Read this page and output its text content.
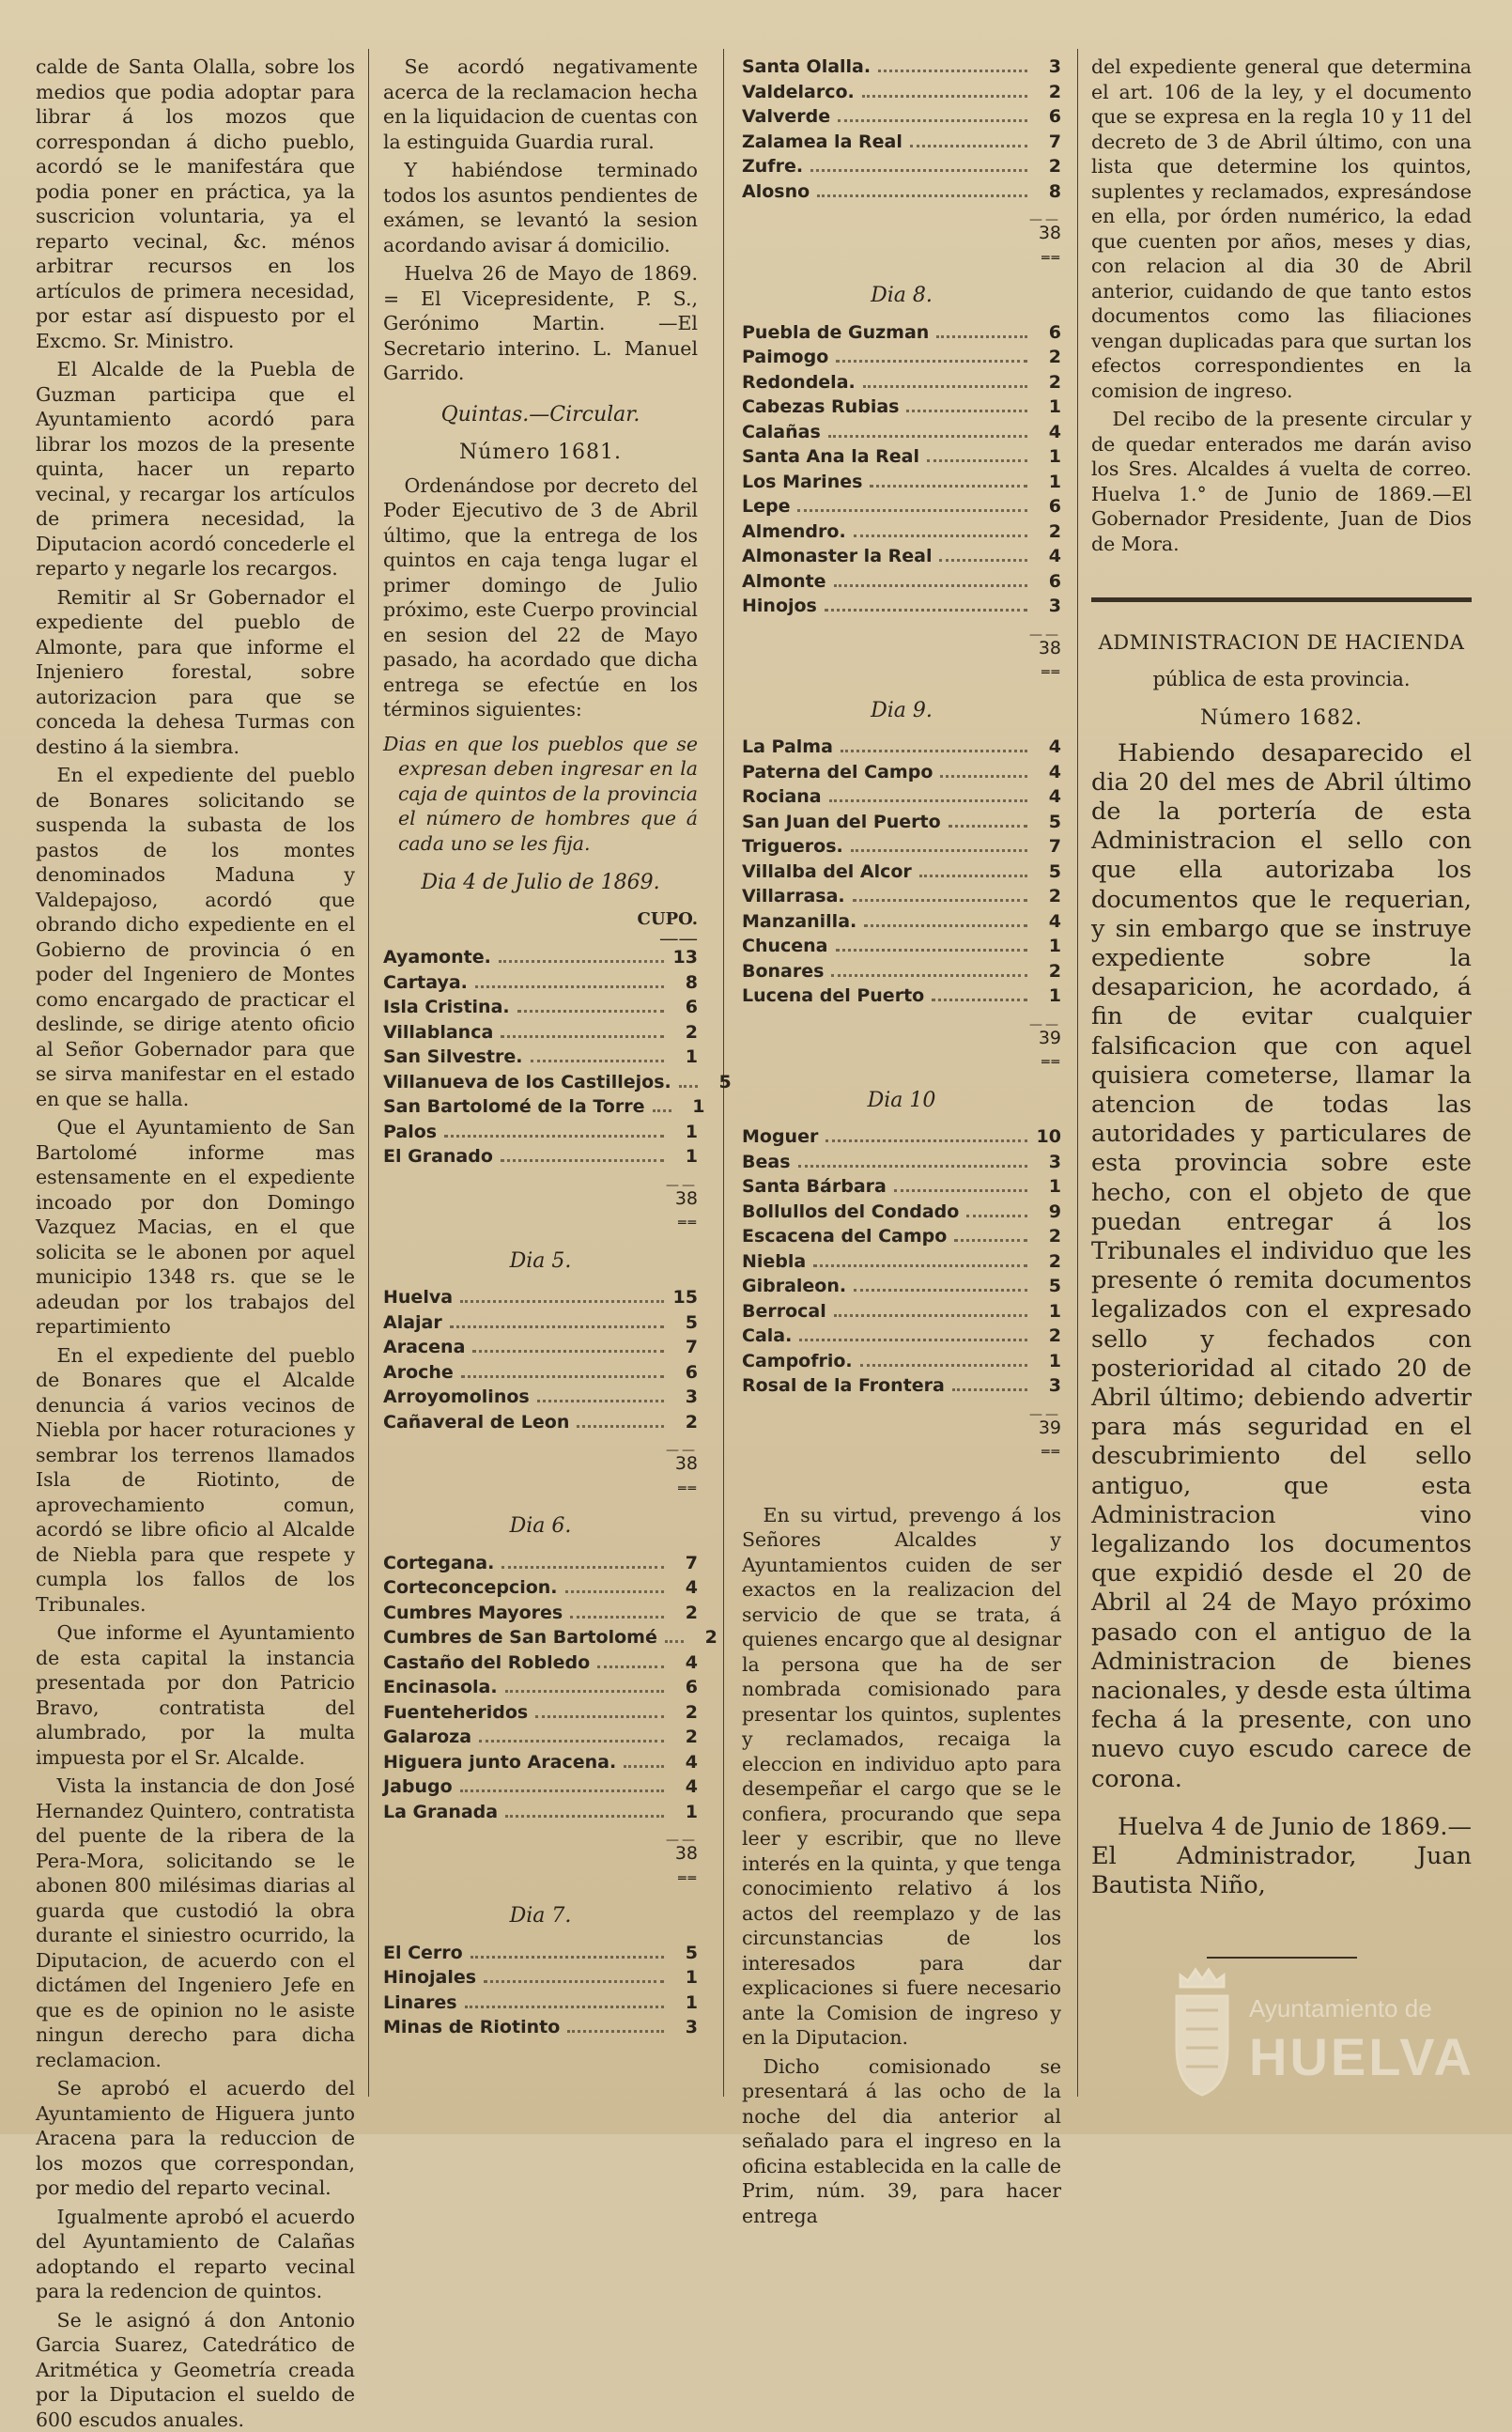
calde de Santa Olalla, sobre los medios que podia adoptar para librar á los mozos que correspondan á dicho pueblo, acordó se le manifestára que podia poner en práctica, ya la suscricion voluntaria, ya el reparto vecinal, &c. ménos arbitrar recursos en los artículos de primera necesidad, por estar así dispuesto por el Excmo. Sr. Ministro.

El Alcalde de la Puebla de Guzman participa que el Ayuntamiento acordó para librar los mozos de la presente quinta, hacer un reparto vecinal, y recargar los artículos de primera necesidad, la Diputacion acordó concederle el reparto y negarle los recargos.

Remitir al Sr Gobernador el expediente del pueblo de Almonte, para que informe el Injeniero forestal, sobre autorizacion para que se conceda la dehesa Turmas con destino á la siembra.

En el expediente del pueblo de Bonares solicitando se suspenda la subasta de los pastos de los montes denominados Maduna y Valdepajoso, acordó que obrando dicho expediente en el Gobierno de provincia ó en poder del Ingeniero de Montes como encargado de practicar el deslinde, se dirige atento oficio al Señor Gobernador para que se sirva manifestar en el estado en que se halla.

Que el Ayuntamiento de San Bartolomé informe mas estensamente en el expediente incoado por don Domingo Vazquez Macias, en el que solicita se le abonen por aquel municipio 1348 rs. que se le adeudan por los trabajos del repartimiento

En el expediente del pueblo de Bonares que el Alcalde denuncia á varios vecinos de Niebla por hacer roturaciones y sembrar los terrenos llamados Isla de Riotinto, de aprovechamiento comun, acordó se libre oficio al Alcalde de Niebla para que respete y cumpla los fallos de los Tribunales.

Que informe el Ayuntamiento de esta capital la instancia presentada por don Patricio Bravo, contratista del alumbrado, por la multa impuesta por el Sr. Alcalde.

Vista la instancia de don José Hernandez Quintero, contratista del puente de la ribera de la Pera-Mora, solicitando se le abonen 800 milésimas diarias al guarda que custodió la obra durante el siniestro ocurrido, la Diputacion, de acuerdo con el dictámen del Ingeniero Jefe en que es de opinion no le asiste ningun derecho para dicha reclamacion.

Se aprobó el acuerdo del Ayuntamiento de Higuera junto Aracena para la reduccion de los mozos que correspondan, por medio del reparto vecinal.

Igualmente aprobó el acuerdo del Ayuntamiento de Calañas adoptando el reparto vecinal para la redencion de quintos.

Se le asignó á don Antonio Garcia Suarez, Catedrático de Aritmética y Geometría creada por la Diputacion el sueldo de 600 escudos anuales.

Se acordó negativamente acerca de la reclamacion hecha en la liquidacion de cuentas con la estinguida Guardia rural.

Y habiéndose terminado todos los asuntos pendientes de exámen, se levantó la sesion acordando avisar á domicilio.

Huelva 26 de Mayo de 1869. = El Vicepresidente, P. S., Gerónimo Martin. —El Secretario interino. L. Manuel Garrido.

Quintas.—Circular.
Número 1681.

Ordenándose por decreto del Poder Ejecutivo de 3 de Abril último, que la entrega de los quintos en caja tenga lugar el primer domingo de Julio próximo, este Cuerpo provincial en sesion del 22 de Mayo pasado, ha acordado que dicha entrega se efectúe en los términos siguientes:

Dias en que los pueblos que se expresan deben ingresar en la caja de quintos de la provincia el número de hombres que á cada uno se les fija.
Dia 4 de Julio de 1869.
CUPO.
——
Ayamonte.	13
Cartaya.	8
Isla Cristina.	6
Villablanca	2
San Silvestre.	1
Villanueva de los Castillejos.	5
San Bartolomé de la Torre	1
Palos	1
El Granado	1
——
38
══
Dia 5.
Huelva	15
Alajar	5
Aracena	7
Aroche	6
Arroyomolinos	3
Cañaveral de Leon	2
——
38
══
Dia 6.
Cortegana.	7
Corteconcepcion.	4
Cumbres Mayores	2
Cumbres de San Bartolomé	2
Castaño del Robledo	4
Encinasola.	6
Fuenteheridos	2
Galaroza	2
Higuera junto Aracena.	4
Jabugo	4
La Granada	1
——
38
══
Dia 7.
El Cerro	5
Hinojales	1
Linares	1
Minas de Riotinto	3
Santa Olalla.	3
Valdelarco.	2
Valverde	6
Zalamea la Real	7
Zufre.	2
Alosno	8
——
38
══
Dia 8.
Puebla de Guzman	6
Paimogo	2
Redondela.	2
Cabezas Rubias	1
Calañas	4
Santa Ana la Real	1
Los Marines	1
Lepe	6
Almendro.	2
Almonaster la Real	4
Almonte	6
Hinojos	3
——
38
══
Dia 9.
La Palma	4
Paterna del Campo	4
Rociana	4
San Juan del Puerto	5
Trigueros.	7
Villalba del Alcor	5
Villarrasa.	2
Manzanilla.	4
Chucena	1
Bonares	2
Lucena del Puerto	1
——
39
══
Dia 10
Moguer	10
Beas	3
Santa Bárbara	1
Bollullos del Condado	9
Escacena del Campo	2
Niebla	2
Gibraleon.	5
Berrocal	1
Cala.	2
Campofrio.	1
Rosal de la Frontera	3
——
39
══

En su virtud, prevengo á los Señores Alcaldes y Ayuntamientos cuiden de ser exactos en la realizacion del servicio de que se trata, á quienes encargo que al designar la persona que ha de ser nombrada comisionado para presentar los quintos, suplentes y reclamados, recaiga la eleccion en individuo apto para desempeñar el cargo que se le confiera, procurando que sepa leer y escribir, que no lleve interés en la quinta, y que tenga conocimiento relativo á los actos del reemplazo y de las circunstancias de los interesados para dar explicaciones si fuere necesario ante la Comision de ingreso y en la Diputacion.

Dicho comisionado se presentará á las ocho de la noche del dia anterior al señalado para el ingreso en la oficina establecida en la calle de Prim, núm. 39, para hacer entrega

del expediente general que determina el art. 106 de la ley, y el documento que se expresa en la regla 10 y 11 del decreto de 3 de Abril último, con una lista que determine los quintos, suplentes y reclamados, expresándose en ella, por órden numérico, la edad que cuenten por años, meses y dias, con relacion al dia 30 de Abril anterior, cuidando de que tanto estos documentos como las filiaciones vengan duplicadas para que surtan los efectos correspondientes en la comision de ingreso.

Del recibo de la presente circular y de quedar enterados me darán aviso los Sres. Alcaldes á vuelta de correo. Huelva 1.° de Junio de 1869.—El Gobernador Presidente, Juan de Dios de Mora.

ADMINISTRACION DE HACIENDA
pública de esta provincia.
Número 1682.

Habiendo desaparecido el dia 20 del mes de Abril último de la portería de esta Administracion el sello con que ella autorizaba los documentos que le requerian, y sin embargo que se instruye expediente sobre la desaparicion, he acordado, á fin de evitar cualquier falsificacion que con aquel quisiera cometerse, llamar la atencion de todas las autoridades y particulares de esta provincia sobre este hecho, con el objeto de que puedan entregar á los Tribunales el individuo que les presente ó remita documentos legalizados con el expresado sello y fechados con posterioridad al citado 20 de Abril último; debiendo advertir para más seguridad en el descubrimiento del sello antiguo, que esta Administracion vino legalizando los documentos que expidió desde el 20 de Abril al 24 de Mayo próximo pasado con el antiguo de la Administracion de bienes nacionales, y desde esta última fecha á la presente, con uno nuevo cuyo escudo carece de corona.

Huelva 4 de Junio de 1869.—El Administrador, Juan Bautista Niño,

Ayuntamiento de
HUELVA
